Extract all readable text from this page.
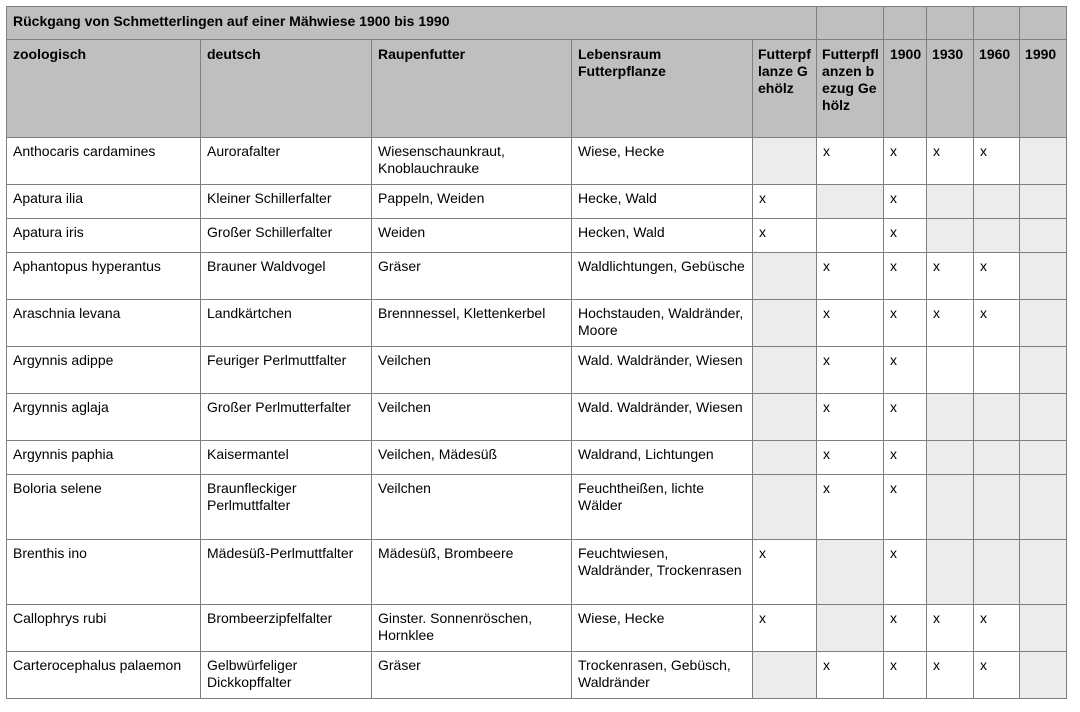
Rückgang von Schmetterlingen auf einer Mähwiese 1900 bis 1990									
zoologisch	deutsch	Raupenfutter	Lebensraum Futterpflanze	Futterpflanze Gehölz	Futterpflanzen bezug Gehölz	1900	1930	1960	1990
Anthocaris cardamines	Aurorafalter	Wiesenschaunkraut, Knoblauchrauke	Wiese, Hecke		x	x	x	x	
Apatura ilia	Kleiner Schillerfalter	Pappeln, Weiden	Hecke, Wald	x		x			
Apatura iris	Großer Schillerfalter	Weiden	Hecken, Wald	x		x			
Aphantopus hyperantus	Brauner Waldvogel	Gräser	Waldlichtungen, Gebüsche		x	x	x	x	
Araschnia levana	Landkärtchen	Brennnessel, Klettenkerbel	Hochstauden, Waldränder, Moore		x	x	x	x	
Argynnis adippe	Feuriger Perlmuttfalter	Veilchen	Wald. Waldränder, Wiesen		x	x			
Argynnis aglaja	Großer Perlmutterfalter	Veilchen	Wald. Waldränder, Wiesen		x	x			
Argynnis paphia	Kaisermantel	Veilchen, Mädesüß	Waldrand, Lichtungen		x	x			
Boloria selene	Braunfleckiger Perlmuttfalter	Veilchen	Feuchtheißen, lichte Wälder		x	x			
Brenthis ino	Mädesüß-Perlmuttfalter	Mädesüß, Brombeere	Feuchtwiesen, Waldränder, Trockenrasen	x		x			
Callophrys rubi	Brombeerzipfelfalter	Ginster. Sonnenröschen, Hornklee	Wiese, Hecke	x		x	x	x	
Carterocephalus palaemon	Gelbwürfeliger Dickkopffalter	Gräser	Trockenrasen, Gebüsch, Waldränder		x	x	x	x	
